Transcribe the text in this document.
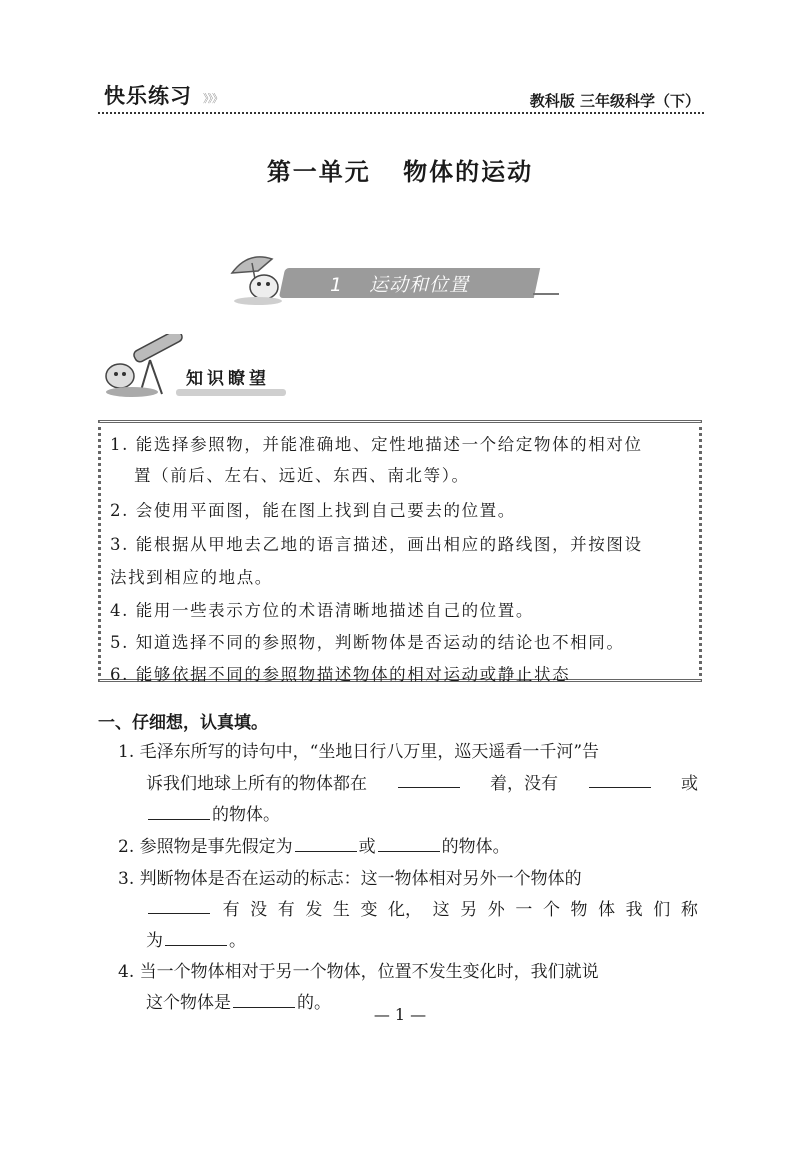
快乐练习 》》》	教科版 三年级科学（下）
第一单元 物体的运动
1 运动和位置
知识瞭望
1. 能选择参照物，并能准确地、定性地描述一个给定物体的相对位
置（前后、左右、远近、东西、南北等）。
2. 会使用平面图，能在图上找到自己要去的位置。
3. 能根据从甲地去乙地的语言描述，画出相应的路线图，并按图设
法找到相应的地点。
4. 能用一些表示方位的术语清晰地描述自己的位置。
5. 知道选择不同的参照物，判断物体是否运动的结论也不相同。
6. 能够依据不同的参照物描述物体的相对运动或静止状态
一、仔细想，认真填。
1. 毛泽东所写的诗句中，“坐地日行八万里，巡天遥看一千河”告
诉我们地球上所有的物体都在	着，没有	或
的物体。
2. 参照物是事先假定为	或	的物体。
3. 判断物体是否在运动的标志：这一物体相对另外一个物体的
有 没 有 发 生 变 化， 这 另 外 一 个 物 体 我 们 称
为	。
4. 当一个物体相对于另一个物体，位置不发生变化时，我们就说
这个物体是	的。
— 1 —
